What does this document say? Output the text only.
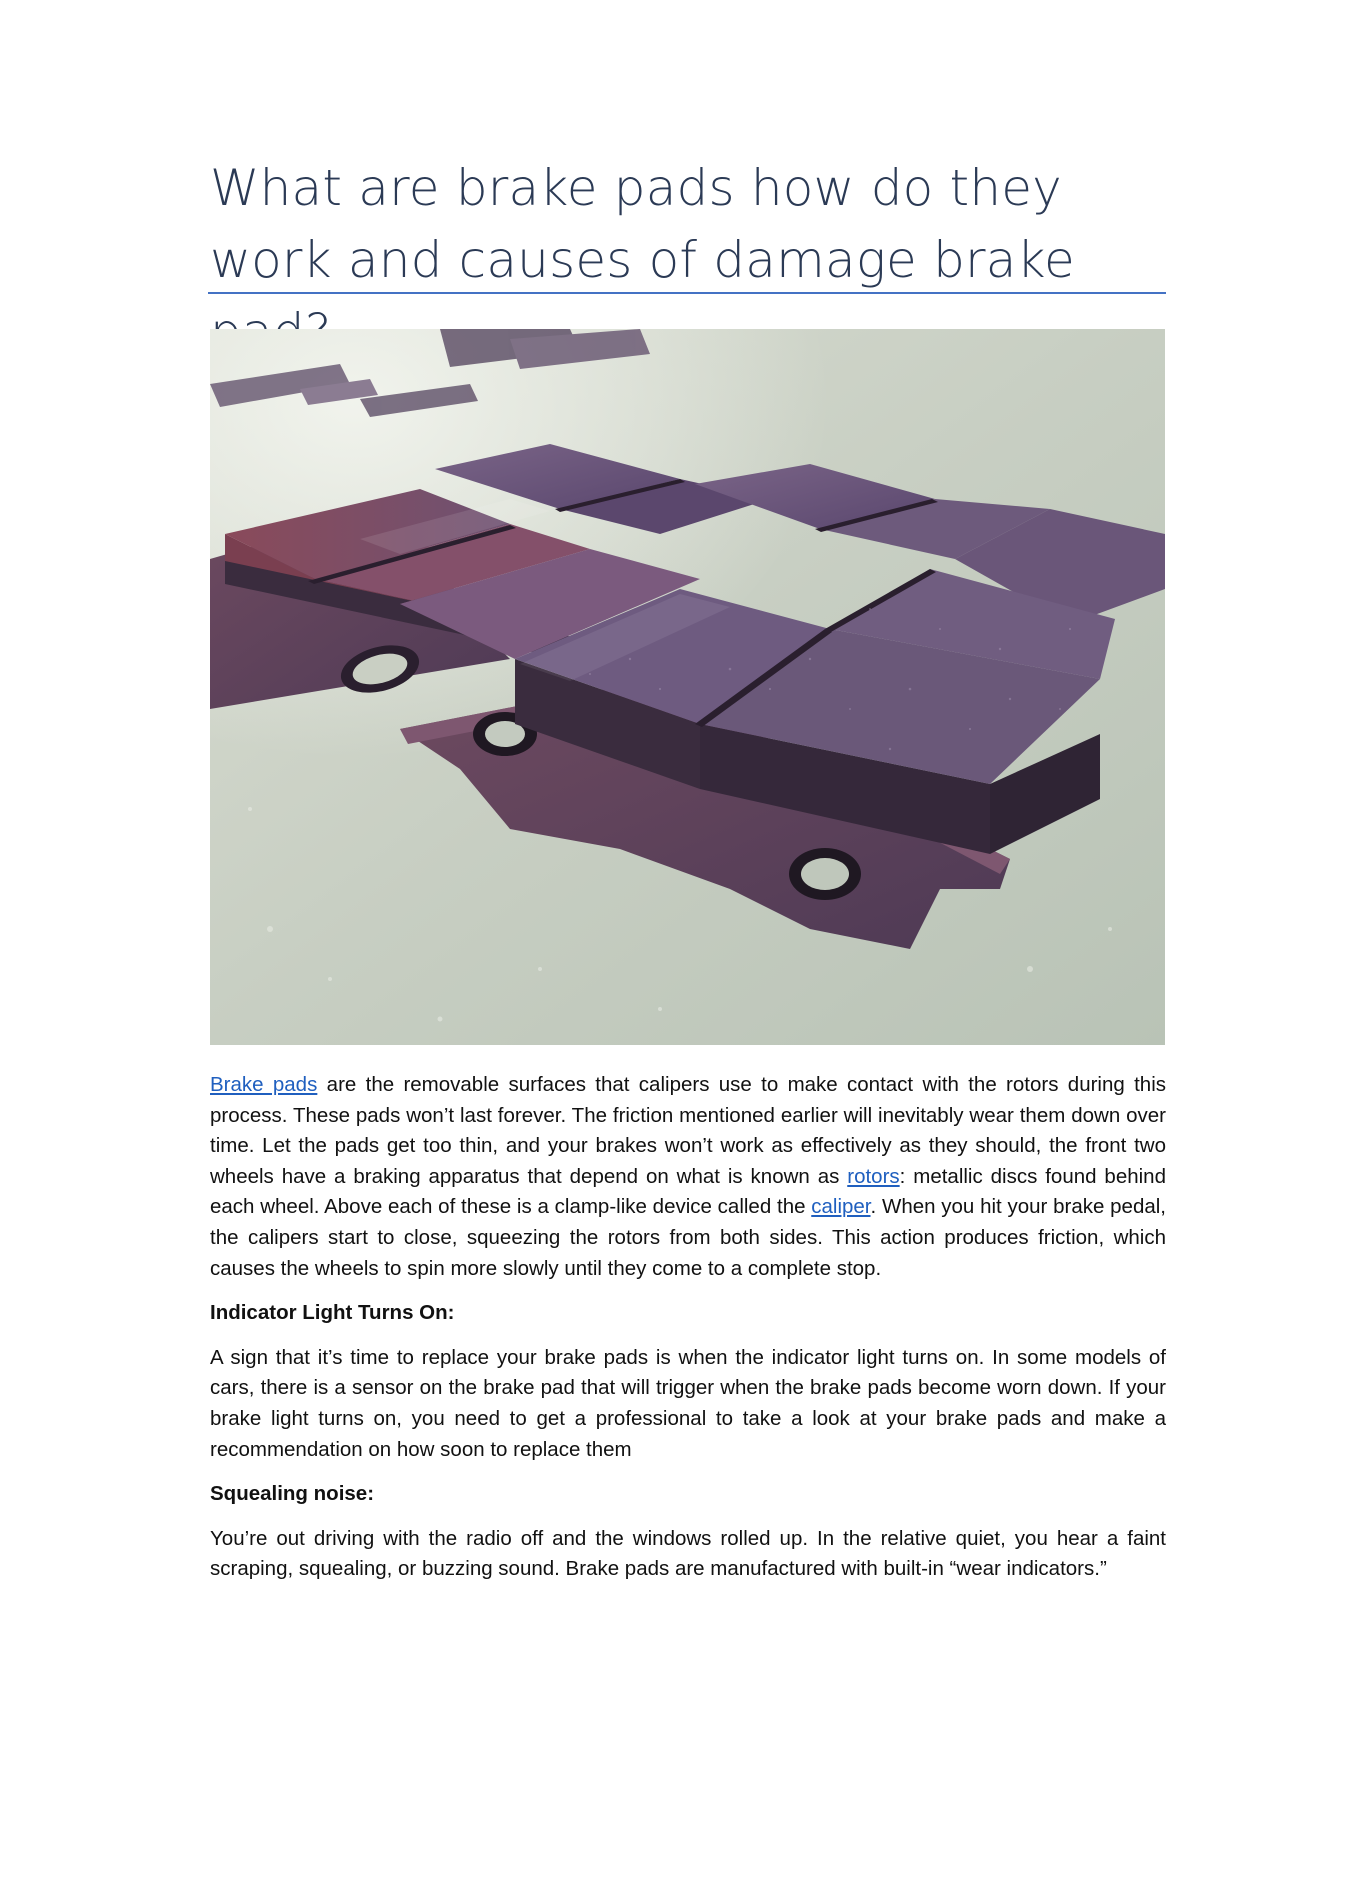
What are brake pads how do they work and causes of damage brake

Brake pads are the removable surfaces that calipers use to make contact with the rotors during this process. These pads won’t last forever. The friction mentioned earlier will inevitably wear them down over time. Let the pads get too thin, and your brakes won’t work as effectively as they should, the front two wheels have a braking apparatus that depend on what is known as rotors: metallic discs found behind each wheel. Above each of these is a clamp-like device called the caliper. When you hit your brake pedal, the calipers start to close, squeezing the rotors from both sides. This action produces friction, which causes the wheels to spin more slowly until they come to a complete stop.

Indicator Light Turns On:

A sign that it’s time to replace your brake pads is when the indicator light turns on. In some models of cars, there is a sensor on the brake pad that will trigger when the brake pads become worn down. If your brake light turns on, you need to get a professional to take a look at your brake pads and make a recommendation on how soon to replace them

Squealing noise:

You’re out driving with the radio off and the windows rolled up. In the relative quiet, you hear a faint scraping, squealing, or buzzing sound. Brake pads are manufactured with built-in “wear indicators.”
